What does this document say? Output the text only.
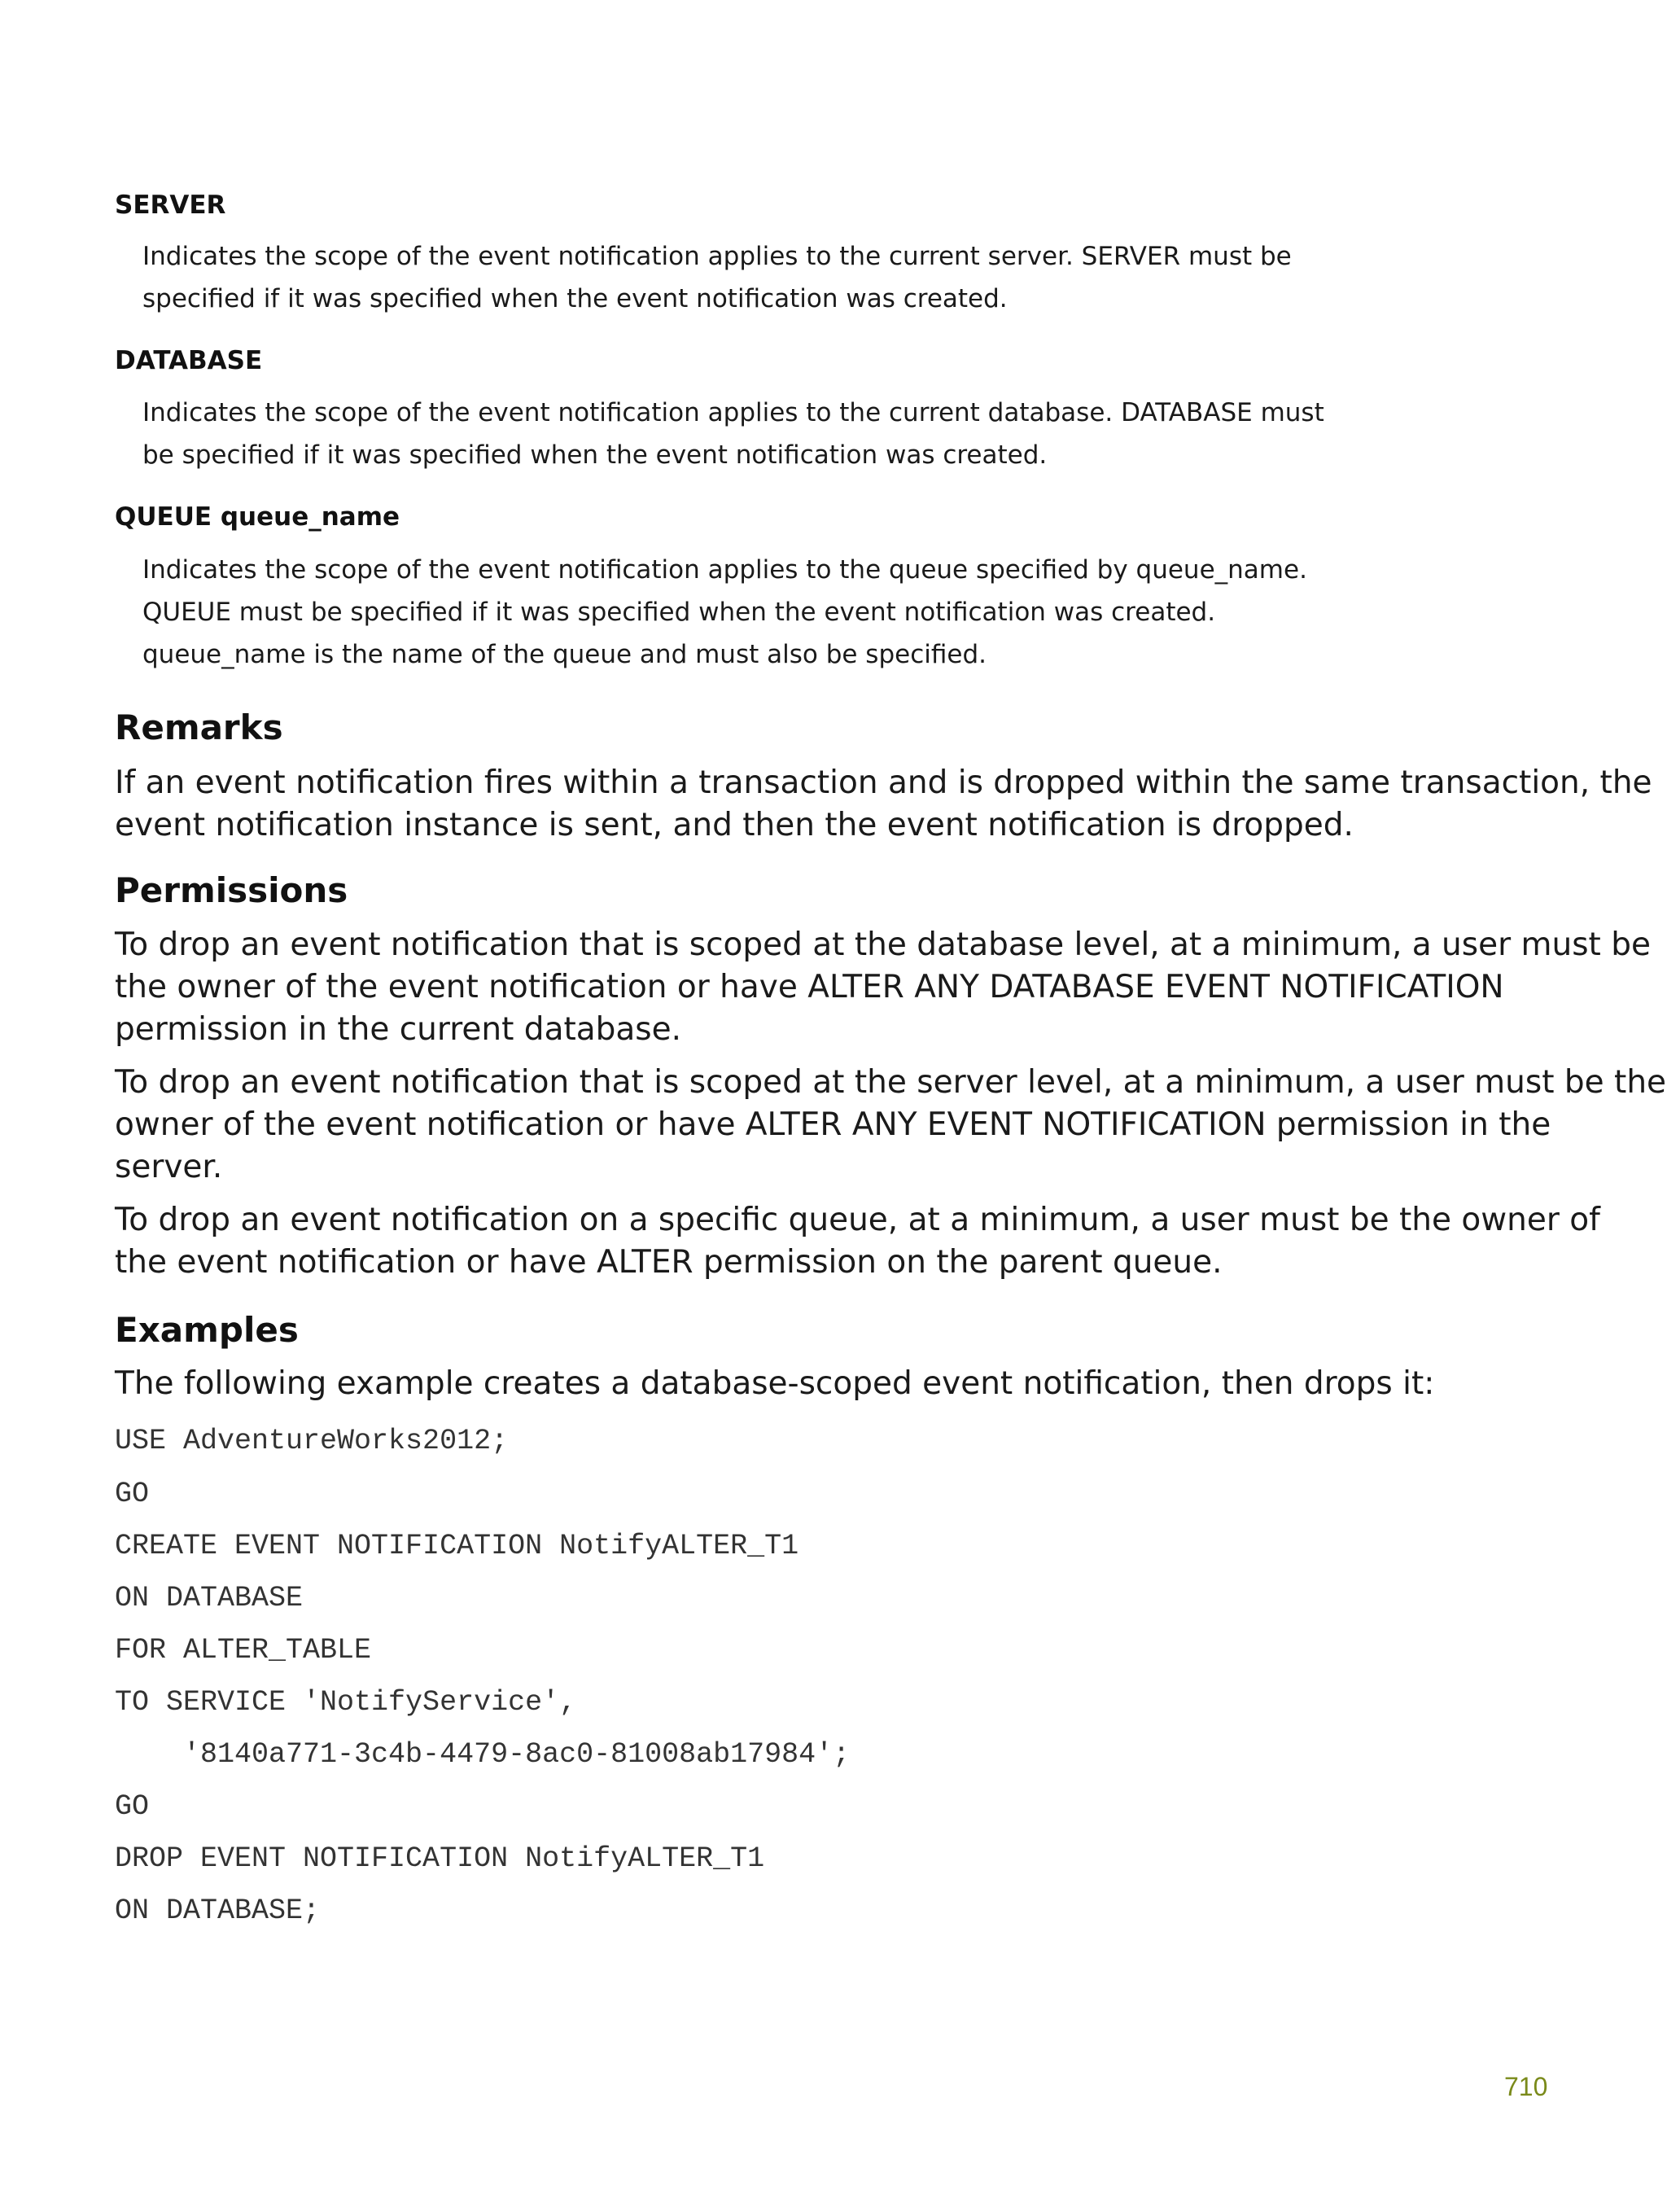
SERVER

Indicates the scope of the event notification applies to the current server. SERVER must be

specified if it was specified when the event notification was created.

DATABASE

Indicates the scope of the event notification applies to the current database. DATABASE must

be specified if it was specified when the event notification was created.

QUEUE queue_name

Indicates the scope of the event notification applies to the queue specified by queue_name.

QUEUE must be specified if it was specified when the event notification was created.

queue_name is the name of the queue and must also be specified.

Remarks

If an event notification fires within a transaction and is dropped within the same transaction, the

event notification instance is sent, and then the event notification is dropped.

Permissions

To drop an event notification that is scoped at the database level, at a minimum, a user must be

the owner of the event notification or have ALTER ANY DATABASE EVENT NOTIFICATION

permission in the current database.

To drop an event notification that is scoped at the server level, at a minimum, a user must be the

owner of the event notification or have ALTER ANY EVENT NOTIFICATION permission in the

server.

To drop an event notification on a specific queue, at a minimum, a user must be the owner of

the event notification or have ALTER permission on the parent queue.

Examples

The following example creates a database-scoped event notification, then drops it:

USE AdventureWorks2012;

GO

CREATE EVENT NOTIFICATION NotifyALTER_T1

ON DATABASE

FOR ALTER_TABLE

TO SERVICE 'NotifyService',

'8140a771-3c4b-4479-8ac0-81008ab17984';

GO

DROP EVENT NOTIFICATION NotifyALTER_T1

ON DATABASE;

710
